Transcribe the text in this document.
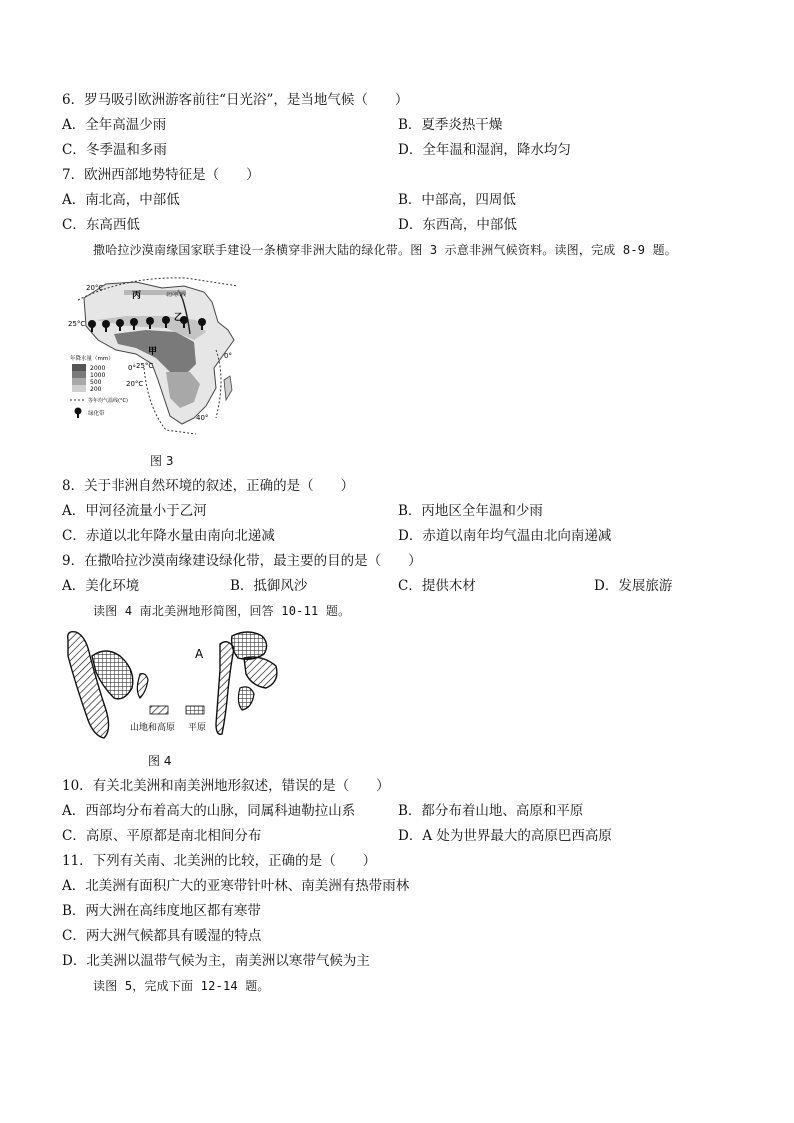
6．罗马吸引欧洲游客前往“日光浴”，是当地气候（　　）
A．全年高温少雨	B．夏季炎热干燥
C．冬季温和多雨	D．全年温和湿润，降水均匀
7．欧洲西部地势特征是（　　）
A．南北高，中部低	B．中部高，四周低
C．东高西低	D．东西高，中部低
撒哈拉沙漠南缘国家联手建设一条横穿非洲大陆的绿化带。图 3 示意非洲气候资料。读图，完成 8-9 题。
20°C
丙	北回归线
乙
25°C
甲	0°
0° 25°C
20°C
40°
年降水量（mm）
2000
1000
500
200
等年均气温线(°C)
绿化带
图 3
8．关于非洲自然环境的叙述，正确的是（　　）
A．甲河径流量小于乙河	B．丙地区全年温和少雨
C．赤道以北年降水量由南向北递减	D．赤道以南年均气温由北向南递减
9．在撒哈拉沙漠南缘建设绿化带，最主要的目的是（　　）
A．美化环境	B．抵御风沙	C．提供木材	D．发展旅游
读图 4 南北美洲地形简图，回答 10-11 题。
A
山地和高原 平原
图 4
10．有关北美洲和南美洲地形叙述，错误的是（　　）
A．西部均分布着高大的山脉，同属科迪勒拉山系	B．都分布着山地、高原和平原
C．高原、平原都是南北相间分布	D．A 处为世界最大的高原巴西高原
11．下列有关南、北美洲的比较，正确的是（　　）
A．北美洲有面积广大的亚寒带针叶林、南美洲有热带雨林
B．两大洲在高纬度地区都有寒带
C．两大洲气候都具有暖湿的特点
D．北美洲以温带气候为主，南美洲以寒带气候为主
读图 5，完成下面 12-14 题。
